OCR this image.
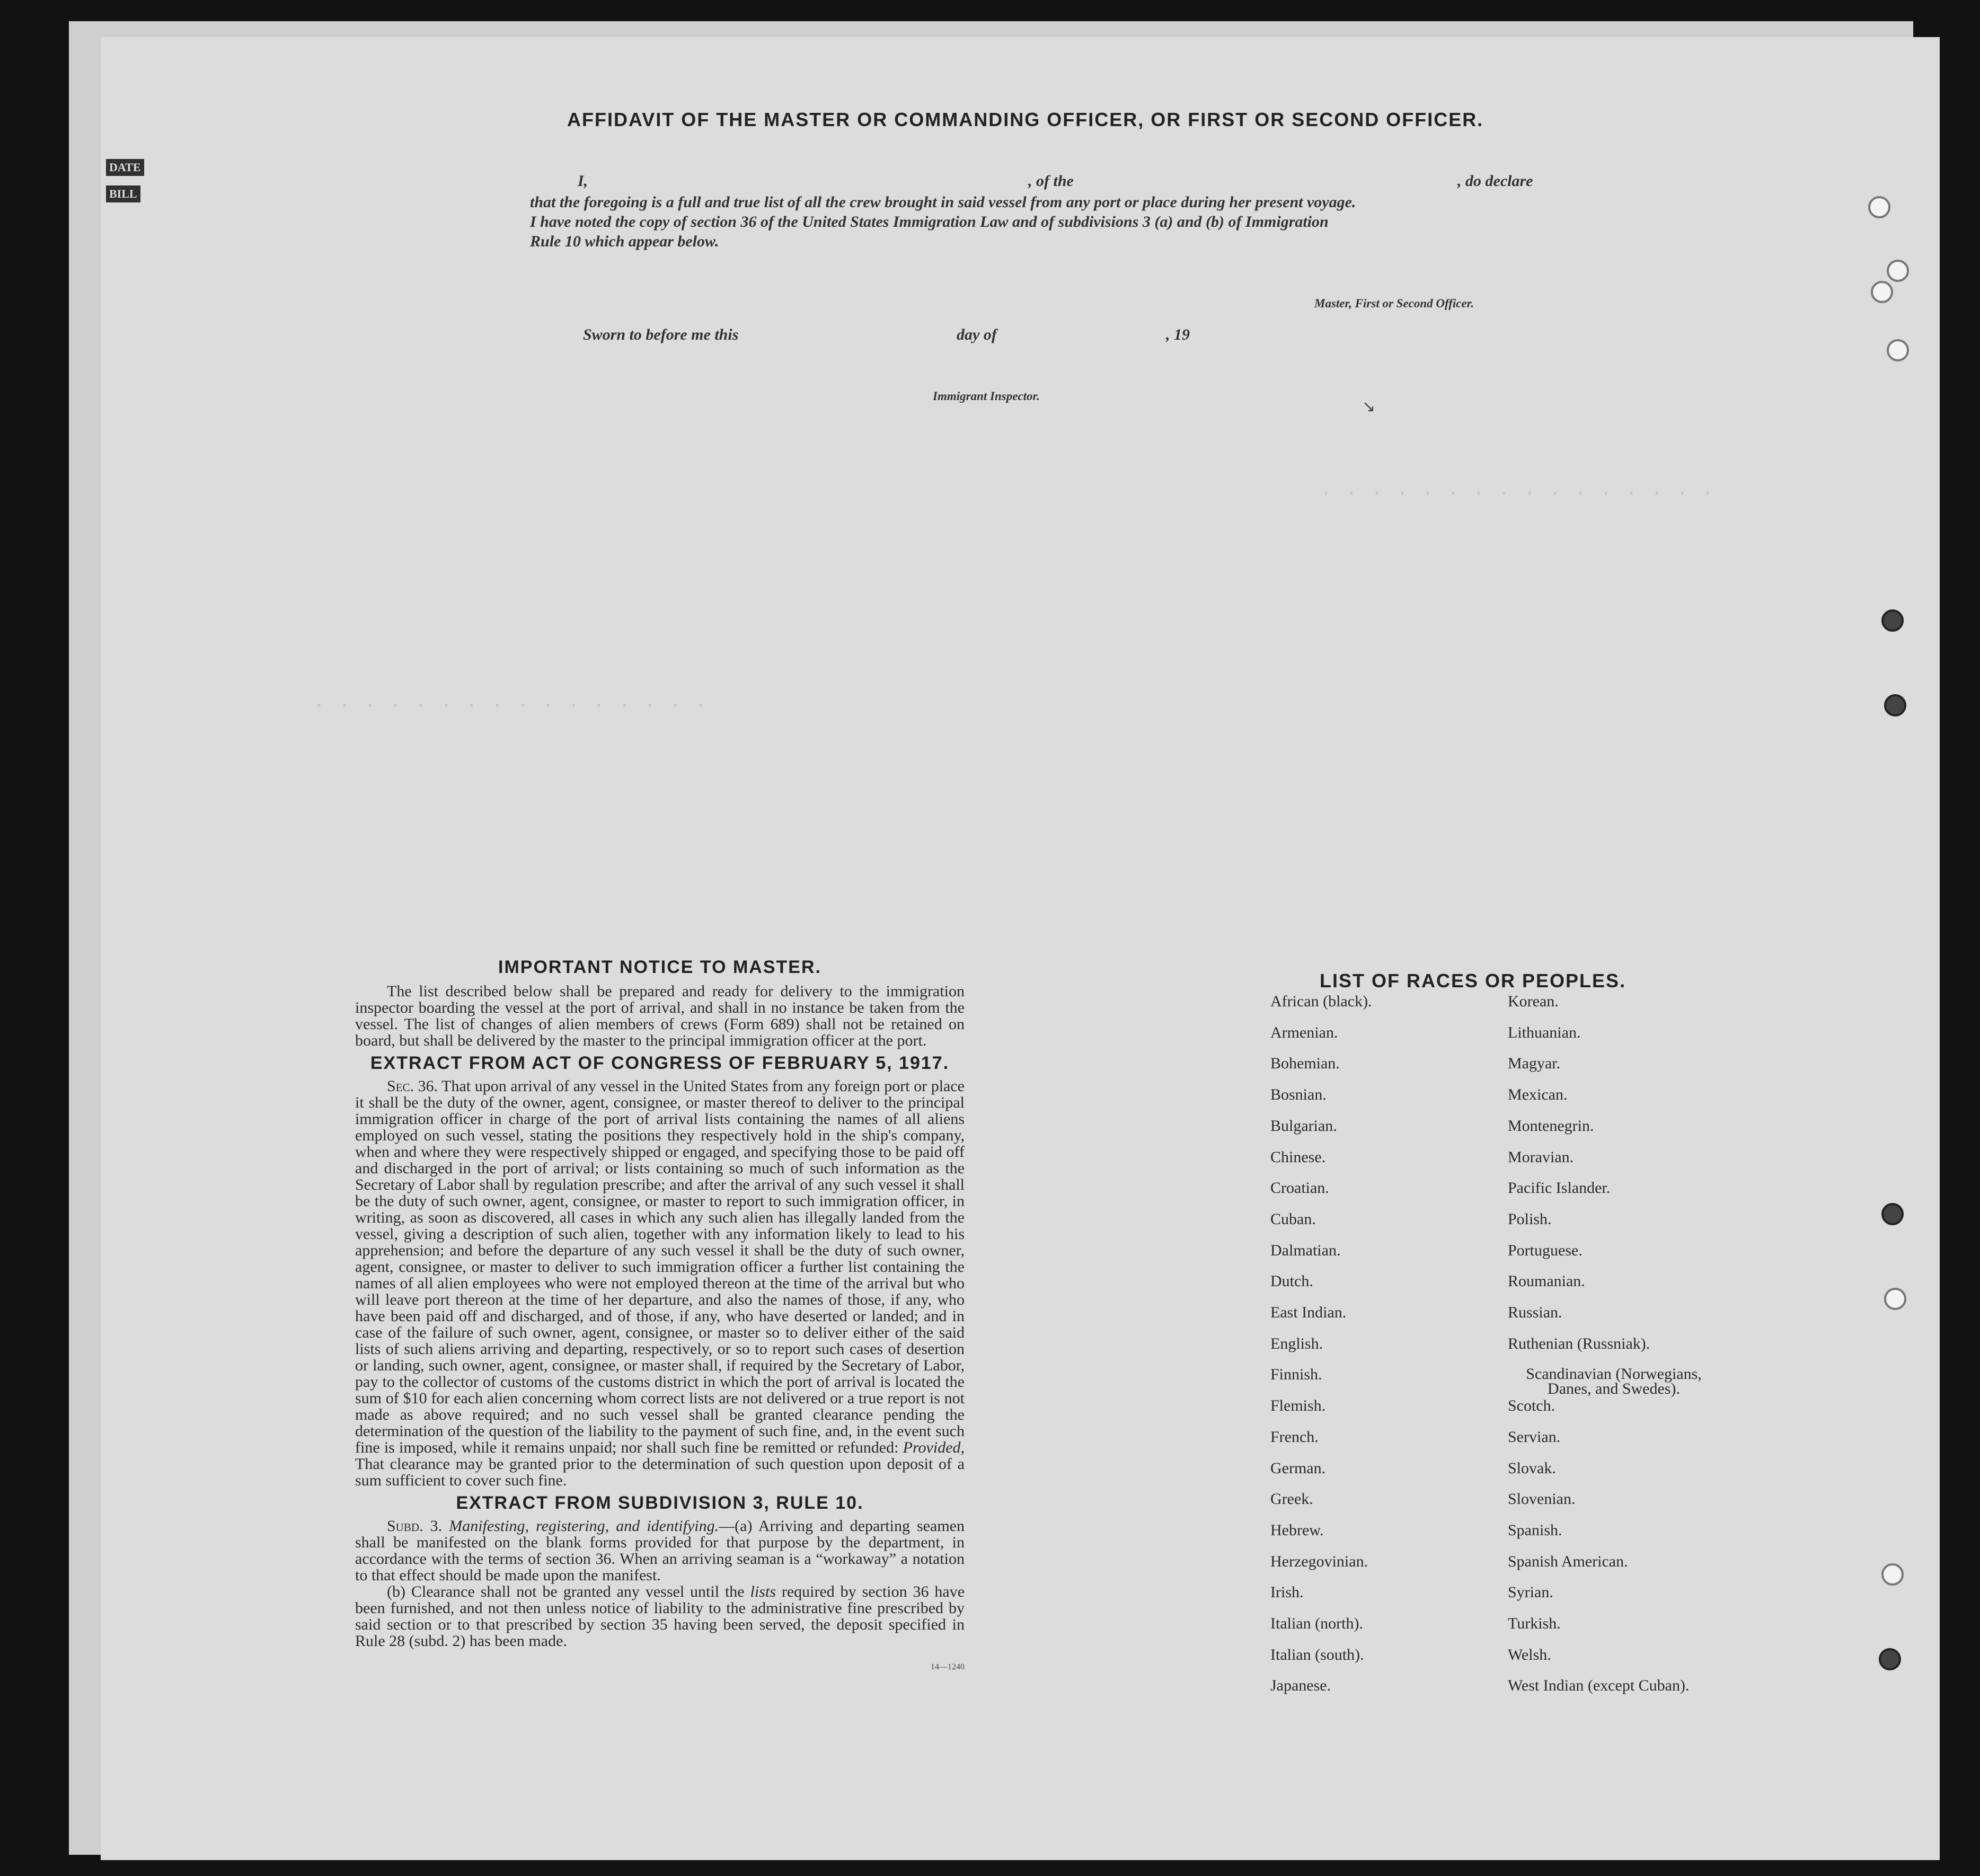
DATE
BILL
· · · · · · · · · · · · · · · ·
· · · · · · · · · · · · · · · ·
AFFIDAVIT OF THE MASTER OR COMMANDING OFFICER, OR FIRST OR SECOND OFFICER.
I,	, of the	, do declare
that the foregoing is a full and true list of all the crew brought in said vessel from any port or place during her present voyage.
I have noted the copy of section 36 of the United States Immigration Law and of subdivisions 3 (a) and (b) of Immigration
Rule 10 which appear below.
Master, First or Second Officer.
Sworn to before me this	day of	, 19
Immigrant Inspector.
↘
IMPORTANT NOTICE TO MASTER.

The list described below shall be prepared and ready for delivery to the immigration inspector boarding the vessel at the port of arrival, and shall in no instance be taken from the vessel. The list of changes of alien members of crews (Form 689) shall not be retained on board, but shall be delivered by the master to the principal immigration officer at the port.

EXTRACT FROM ACT OF CONGRESS OF FEBRUARY 5, 1917.

Sec. 36. That upon arrival of any vessel in the United States from any foreign port or place it shall be the duty of the owner, agent, consignee, or master thereof to deliver to the principal immigration officer in charge of the port of arrival lists containing the names of all aliens employed on such vessel, stating the positions they respectively hold in the ship's company, when and where they were respectively shipped or engaged, and specifying those to be paid off and discharged in the port of arrival; or lists containing so much of such information as the Secretary of Labor shall by regulation prescribe; and after the arrival of any such vessel it shall be the duty of such owner, agent, consignee, or master to report to such immigration officer, in writing, as soon as discovered, all cases in which any such alien has illegally landed from the vessel, giving a description of such alien, together with any information likely to lead to his apprehension; and before the departure of any such vessel it shall be the duty of such owner, agent, consignee, or master to deliver to such immigration officer a further list containing the names of all alien employees who were not employed thereon at the time of the arrival but who will leave port thereon at the time of her departure, and also the names of those, if any, who have been paid off and discharged, and of those, if any, who have deserted or landed; and in case of the failure of such owner, agent, consignee, or master so to deliver either of the said lists of such aliens arriving and departing, respectively, or so to report such cases of desertion or landing, such owner, agent, consignee, or master shall, if required by the Secretary of Labor, pay to the collector of customs of the customs district in which the port of arrival is located the sum of $10 for each alien concerning whom correct lists are not delivered or a true report is not made as above required; and no such vessel shall be granted clearance pending the determination of the question of the liability to the payment of such fine, and, in the event such fine is imposed, while it remains unpaid; nor shall such fine be remitted or refunded: Provided, That clearance may be granted prior to the determination of such question upon deposit of a sum sufficient to cover such fine.

EXTRACT FROM SUBDIVISION 3, RULE 10.

Subd. 3. Manifesting, registering, and identifying.—(a) Arriving and departing seamen shall be manifested on the blank forms provided for that purpose by the department, in accordance with the terms of section 36. When an arriving seaman is a “workaway” a notation to that effect should be made upon the manifest.

(b) Clearance shall not be granted any vessel until the lists required by section 36 have been furnished, and not then unless notice of liability to the administrative fine prescribed by said section or to that prescribed by section 35 having been served, the deposit specified in Rule 28 (subd. 2) has been made.

14—1240
LIST OF RACES OR PEOPLES.
African (black).
Armenian.
Bohemian.
Bosnian.
Bulgarian.
Chinese.
Croatian.
Cuban.
Dalmatian.
Dutch.
East Indian.
English.
Finnish.
Flemish.
French.
German.
Greek.
Hebrew.
Herzegovinian.
Irish.
Italian (north).
Italian (south).
Japanese.
Korean.
Lithuanian.
Magyar.
Mexican.
Montenegrin.
Moravian.
Pacific Islander.
Polish.
Portuguese.
Roumanian.
Russian.
Ruthenian (Russniak).
Scandinavian (Norwegians, Danes, and Swedes).
Scotch.
Servian.
Slovak.
Slovenian.
Spanish.
Spanish American.
Syrian.
Turkish.
Welsh.
West Indian (except Cuban).
